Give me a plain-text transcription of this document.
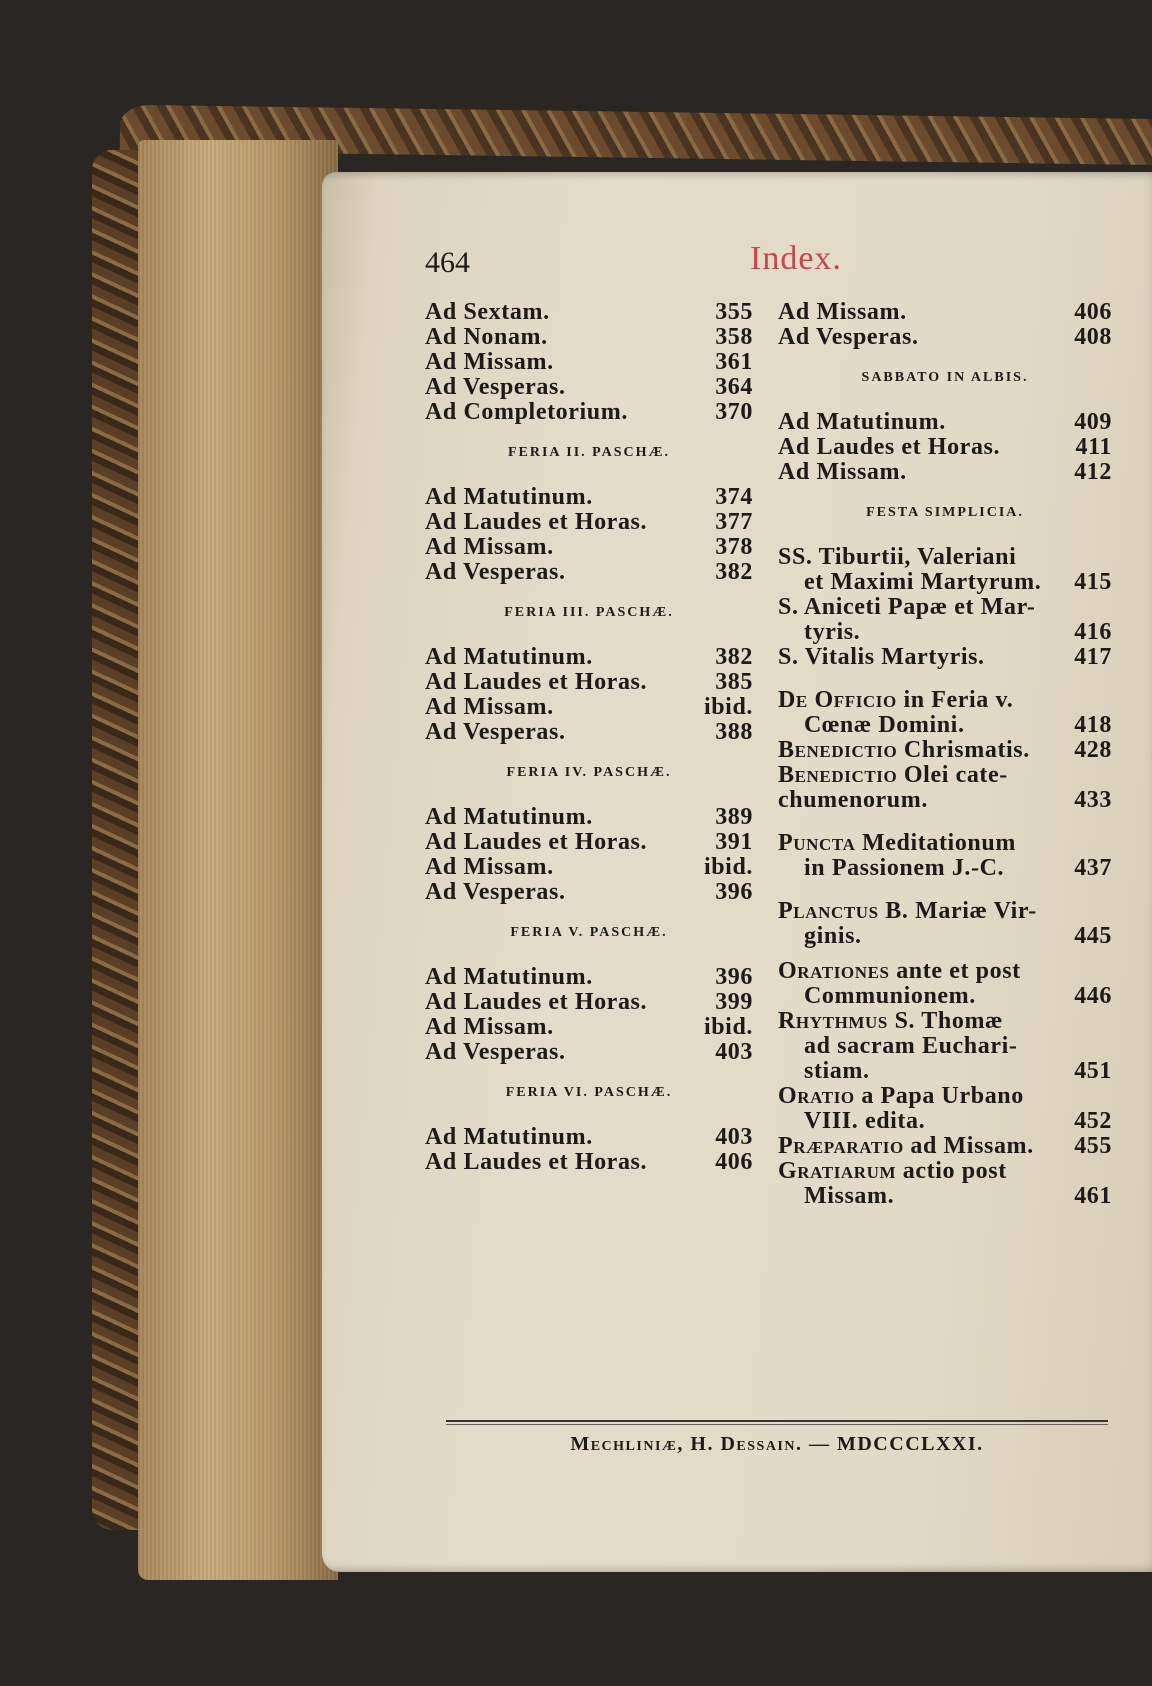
464	Index.
Ad Sextam.	355
Ad Nonam.	358
Ad Missam.	361
Ad Vesperas.	364
Ad Completorium.	370
FERIA II. PASCHÆ.
Ad Matutinum.	374
Ad Laudes et Horas.	377
Ad Missam.	378
Ad Vesperas.	382
FERIA III. PASCHÆ.
Ad Matutinum.	382
Ad Laudes et Horas.	385
Ad Missam.	ibid.
Ad Vesperas.	388
FERIA IV. PASCHÆ.
Ad Matutinum.	389
Ad Laudes et Horas.	391
Ad Missam.	ibid.
Ad Vesperas.	396
FERIA V. PASCHÆ.
Ad Matutinum.	396
Ad Laudes et Horas.	399
Ad Missam.	ibid.
Ad Vesperas.	403
FERIA VI. PASCHÆ.
Ad Matutinum.	403
Ad Laudes et Horas.	406
Ad Missam.	406
Ad Vesperas.	408
SABBATO IN ALBIS.
Ad Matutinum.	409
Ad Laudes et Horas.	411
Ad Missam.	412
FESTA SIMPLICIA.
SS. Tiburtii, Valeriani
et Maximi Martyrum. 415
S. Aniceti Papæ et Mar-
tyris.	416
S. Vitalis Martyris.	417
De Officio in Feria v.
Cœnæ Domini.	418
Benedictio Chrismatis. 428
Benedictio Olei cate-
chumenorum.	433
Puncta Meditationum
in Passionem J.-C.	437
Planctus B. Mariæ Vir-
ginis.	445
Orationes ante et post
Communionem.	446
Rhythmus S. Thomæ
ad sacram Euchari-
stiam.	451
Oratio a Papa Urbano
VIII. edita.	452
Præparatio ad Missam. 455
Gratiarum actio post
Missam.	461
Mechliniæ, H. Dessain. — MDCCCLXXI.
